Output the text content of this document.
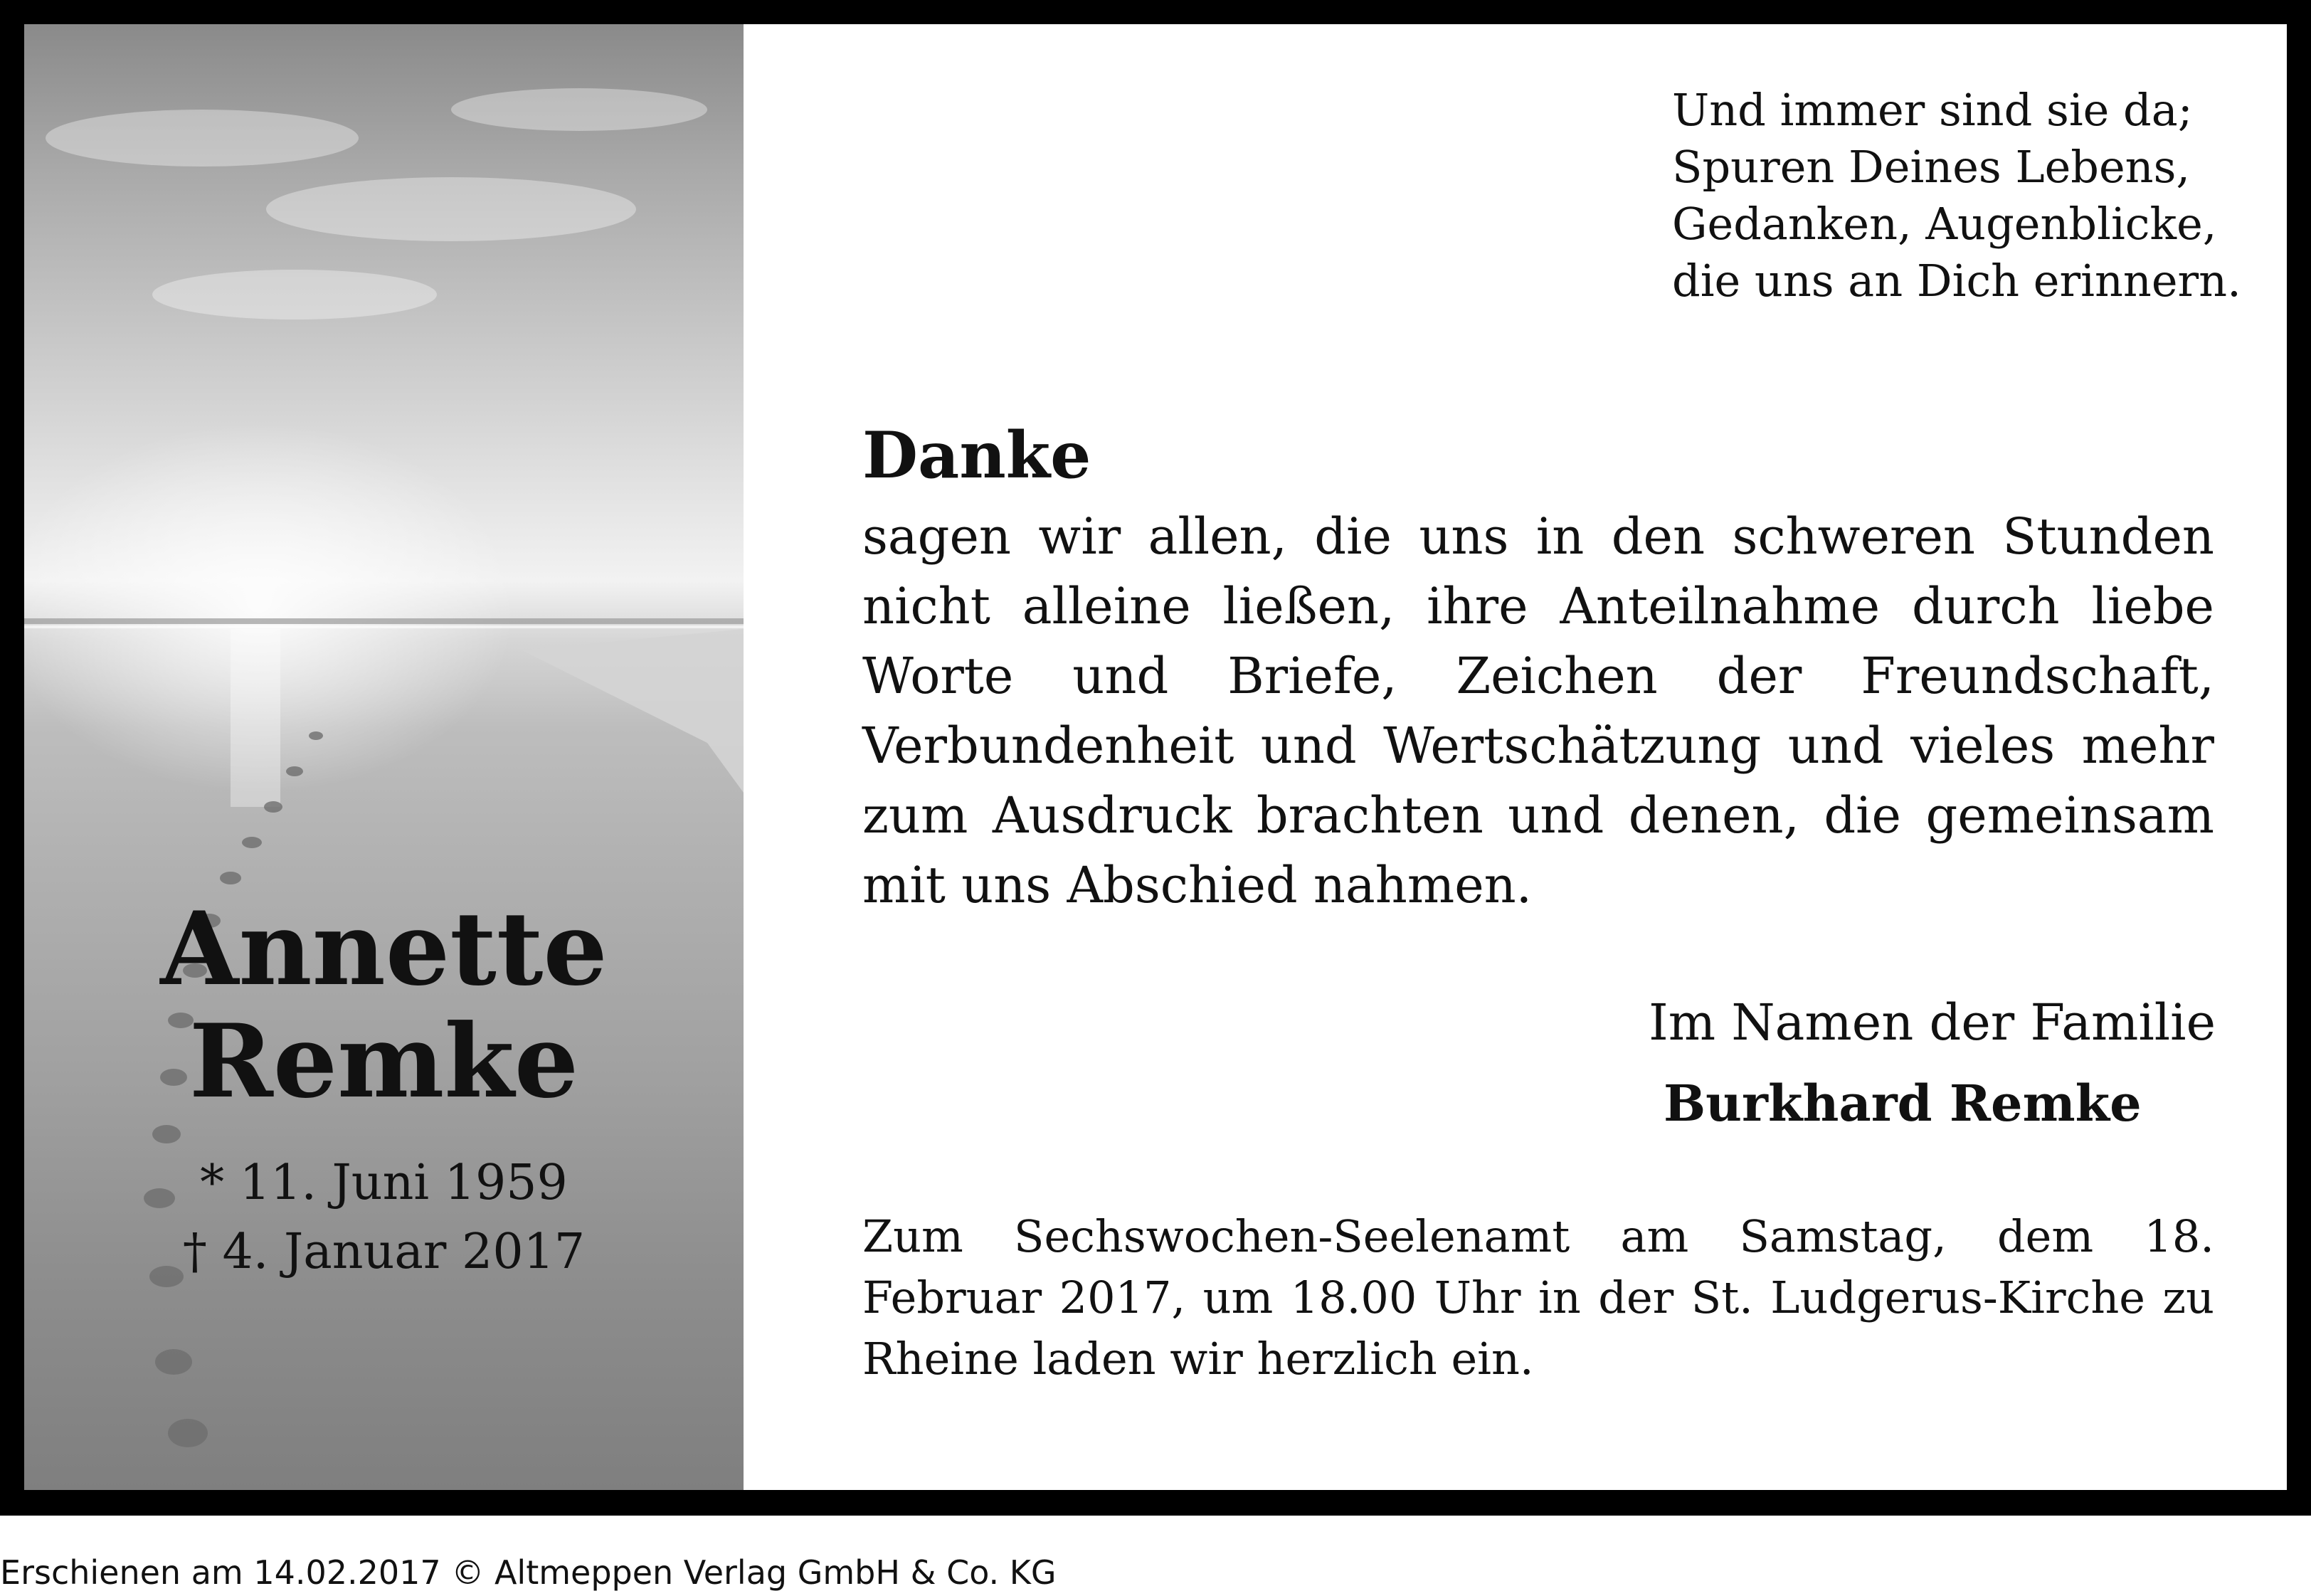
Annette
Remke
* 11. Juni 1959
† 4. Januar 2017
Und immer sind sie da;
Spuren Deines Lebens,
Gedanken, Augenblicke,
die uns an Dich erinnern.
Danke
sagen wir allen, die uns in den schweren Stunden nicht alleine ließen, ihre Anteilnahme durch liebe Worte und Briefe, Zeichen der Freundschaft, Verbundenheit und Wertschätzung und vieles mehr zum Ausdruck brachten und denen, die gemeinsam mit uns Abschied nahmen.
Im Namen der Familie
Burkhard Remke
Zum Sechswochen-Seelenamt am Samstag, dem 18. Februar 2017, um 18.00 Uhr in der St. Ludgerus-Kirche zu Rheine laden wir herzlich ein.
Erschienen am 14.02.2017 © Altmeppen Verlag GmbH & Co. KG
